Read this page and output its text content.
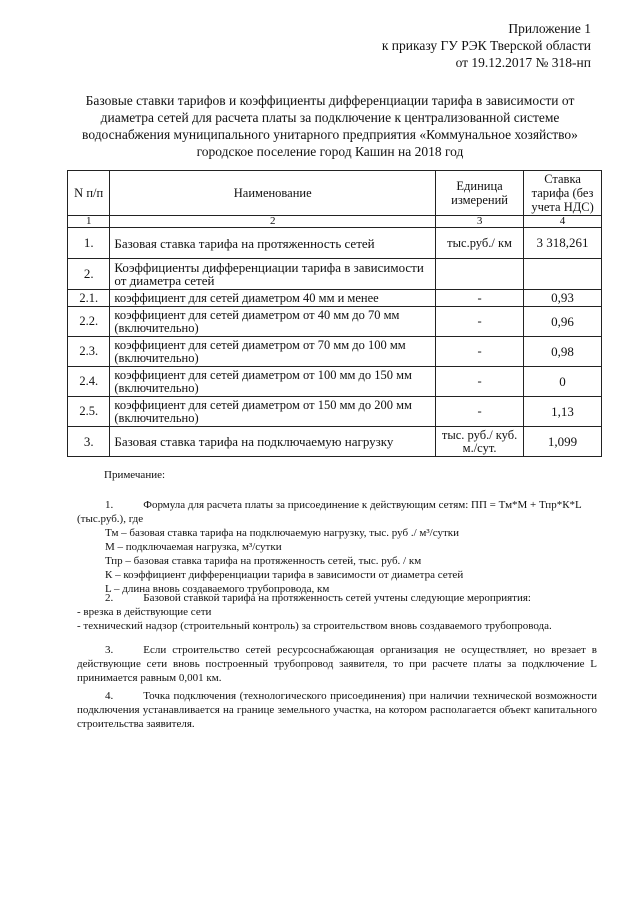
Приложение 1
к приказу ГУ РЭК Тверской области
от 19.12.2017 № 318-нп
Базовые ставки тарифов и коэффициенты дифференциации тарифа в зависимости от
диаметра сетей для расчета платы за подключение к централизованной системе
водоснабжения муниципального унитарного предприятия «Коммунальное хозяйство»
городское поселение город Кашин на 2018 год
N п/п	Наименование	Единица измерений	Ставка тарифа (без учета НДС)
1	2	3	4
1.	Базовая ставка тарифа на протяженность сетей	тыс.руб./ км	3 318,261
2.	Коэффициенты дифференциации тарифа в зависимости от диаметра сетей		
2.1.	коэффициент для сетей диаметром 40 мм и менее	-	0,93
2.2.	коэффициент для сетей диаметром от 40 мм до 70 мм (включительно)	-	0,96
2.3.	коэффициент для сетей диаметром от 70 мм до 100 мм (включительно)	-	0,98
2.4.	коэффициент для сетей диаметром от 100 мм до 150 мм (включительно)	-	0
2.5.	коэффициент для сетей диаметром от 150 мм до 200 мм (включительно)	-	1,13
3.	Базовая ставка тарифа на подключаемую нагрузку	тыс. руб./ куб. м./сут.	1,099
Примечание:

1.	Формула для расчета платы за присоединение к действующим сетям: ПП = Тм*М + Тпр*К*L (тыс.руб.), где

Тм – базовая ставка тарифа на подключаемую нагрузку, тыс. руб ./ м³/сутки

М – подключаемая нагрузка, м³/сутки

Тпр – базовая ставка тарифа на протяженность сетей, тыс. руб. / км

К – коэффициент дифференциации тарифа в зависимости от диаметра сетей

L – длина вновь создаваемого трубопровода, км

2.	Базовой ставкой тарифа на протяженность сетей учтены следующие мероприятия:

- врезка в действующие сети

- технический надзор (строительный контроль) за строительством вновь создаваемого трубопровода.

3.	Если строительство сетей ресурсоснабжающая организация не осуществляет, но врезает в действующие сети вновь построенный трубопровод заявителя, то при расчете платы за подключение L принимается равным 0,001 км.
4.	Точка подключения (технологического присоединения) при наличии технической возможности подключения устанавливается на границе земельного участка, на котором располагается объект капитального строительства заявителя.
